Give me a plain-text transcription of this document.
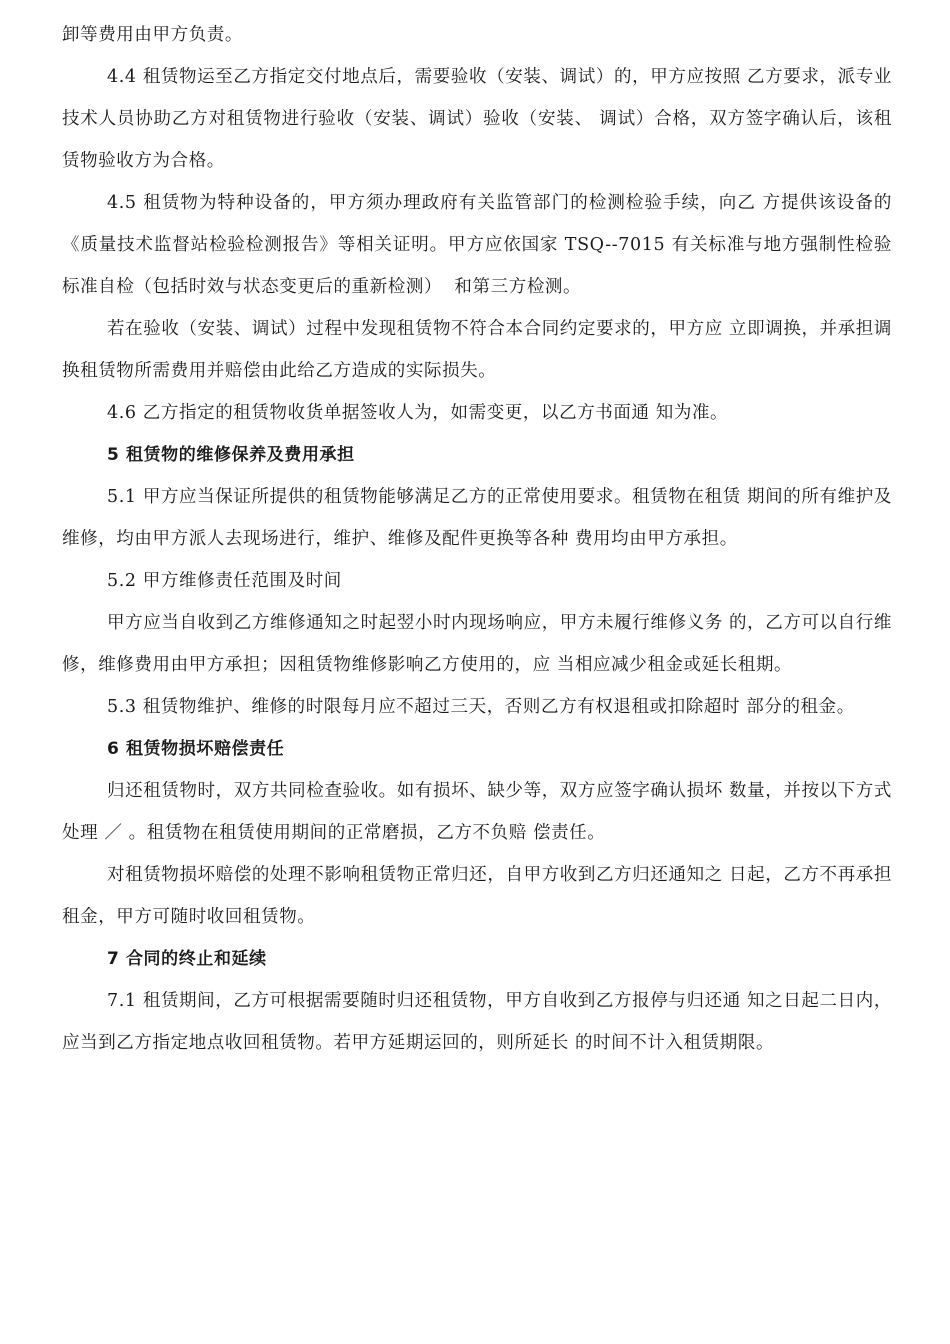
卸等费用由甲方负责。

4.4 租赁物运至乙方指定交付地点后，需要验收（安装、调试）的，甲方应按照 乙方要求，派专业技术人员协助乙方对租赁物进行验收（安装、调试）验收（安装、 调试）合格，双方签字确认后，该租赁物验收方为合格。

4.5 租赁物为特种设备的，甲方须办理政府有关监管部门的检测检验手续，向乙 方提供该设备的《质量技术监督站检验检测报告》等相关证明。甲方应依国家 TSQ--7015 有关标准与地方强制性检验标准自检（包括时效与状态变更后的重新检测）  和第三方检测。

若在验收（安装、调试）过程中发现租赁物不符合本合同约定要求的，甲方应 立即调换，并承担调换租赁物所需费用并赔偿由此给乙方造成的实际损失。

4.6 乙方指定的租赁物收货单据签收人为，如需变更，以乙方书面通 知为准。

5 租赁物的维修保养及费用承担

5.1 甲方应当保证所提供的租赁物能够满足乙方的正常使用要求。租赁物在租赁 期间的所有维护及维修，均由甲方派人去现场进行，维护、维修及配件更换等各种 费用均由甲方承担。

5.2 甲方维修责任范围及时间

甲方应当自收到乙方维修通知之时起翌小时内现场响应，甲方未履行维修义务 的，乙方可以自行维修，维修费用由甲方承担；因租赁物维修影响乙方使用的，应 当相应减少租金或延长租期。

5.3 租赁物维护、维修的时限每月应不超过三天，否则乙方有权退租或扣除超时 部分的租金。

6 租赁物损坏赔偿责任

归还租赁物时，双方共同检查验收。如有损坏、缺少等，双方应签字确认损坏 数量，并按以下方式处理 ／ 。租赁物在租赁使用期间的正常磨损，乙方不负赔 偿责任。

对租赁物损坏赔偿的处理不影响租赁物正常归还，自甲方收到乙方归还通知之 日起，乙方不再承担租金，甲方可随时收回租赁物。

7 合同的终止和延续

7.1 租赁期间，乙方可根据需要随时归还租赁物，甲方自收到乙方报停与归还通 知之日起二日内，应当到乙方指定地点收回租赁物。若甲方延期运回的，则所延长 的时间不计入租赁期限。
